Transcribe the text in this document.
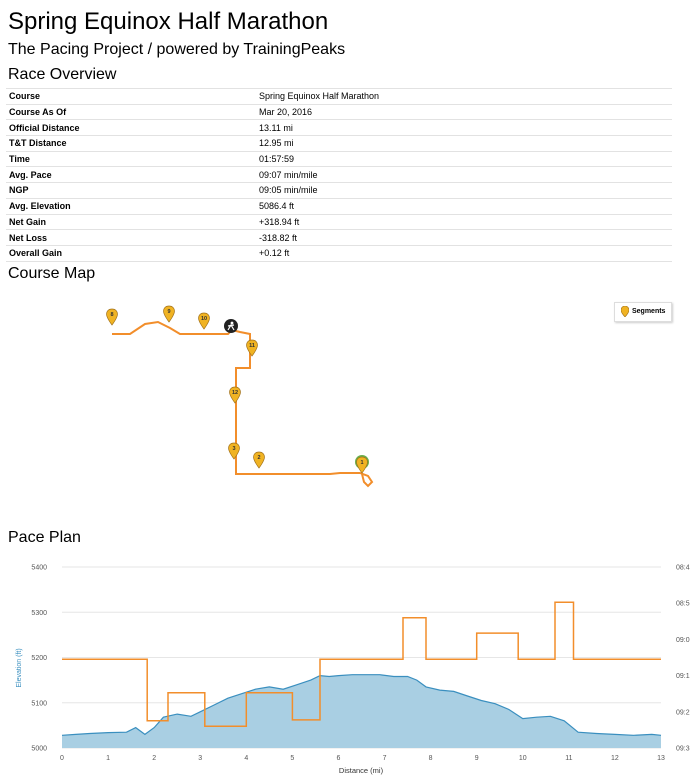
Spring Equinox Half Marathon
The Pacing Project / powered by TrainingPeaks
Race Overview
Course	Spring Equinox Half Marathon
Course As Of	Mar 20, 2016
Official Distance	13.11 mi
T&T Distance	12.95 mi
Time	01:57:59
Avg. Pace	09:07 min/mile
NGP	09:05 min/mile
Avg. Elevation	5086.4 ft
Net Gain	+318.94 ft
Net Loss	-318.82 ft
Overall Gain	+0.12 ft
Course Map
1
2
3
8	9
10
11
12
Segments
Pace Plan
5000
5100
5200
5300
5400
0	1	2	3	4	5	6	7	8	9	10	11	12	13
09:3
09:2
09:1
09:0
08:5
08:4
Elevation (ft)
Distance (mi)
